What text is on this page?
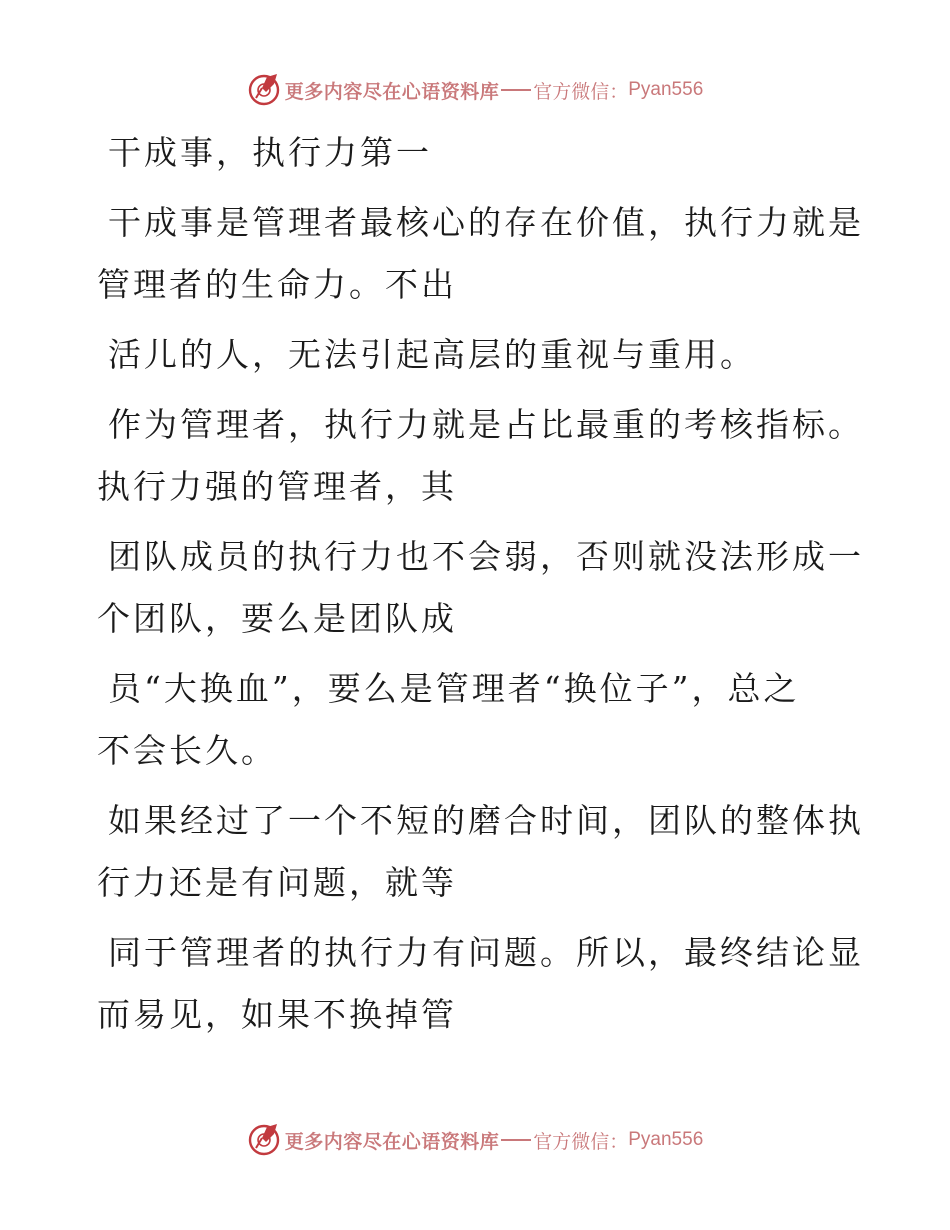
更多内容尽在心语资料库 官方微信： Pyan556
干成事，执行力第一
干成事是管理者最核心的存在价值，执行力就是
管理者的生命力。不出
活儿的人，无法引起高层的重视与重用。
作为管理者，执行力就是占比最重的考核指标。
执行力强的管理者，其
团队成员的执行力也不会弱，否则就没法形成一
个团队，要么是团队成
员“大换血”，要么是管理者“换位子”，总之
不会长久。
如果经过了一个不短的磨合时间，团队的整体执
行力还是有问题，就等
同于管理者的执行力有问题。所以，最终结论显
而易见，如果不换掉管
更多内容尽在心语资料库 官方微信： Pyan556
